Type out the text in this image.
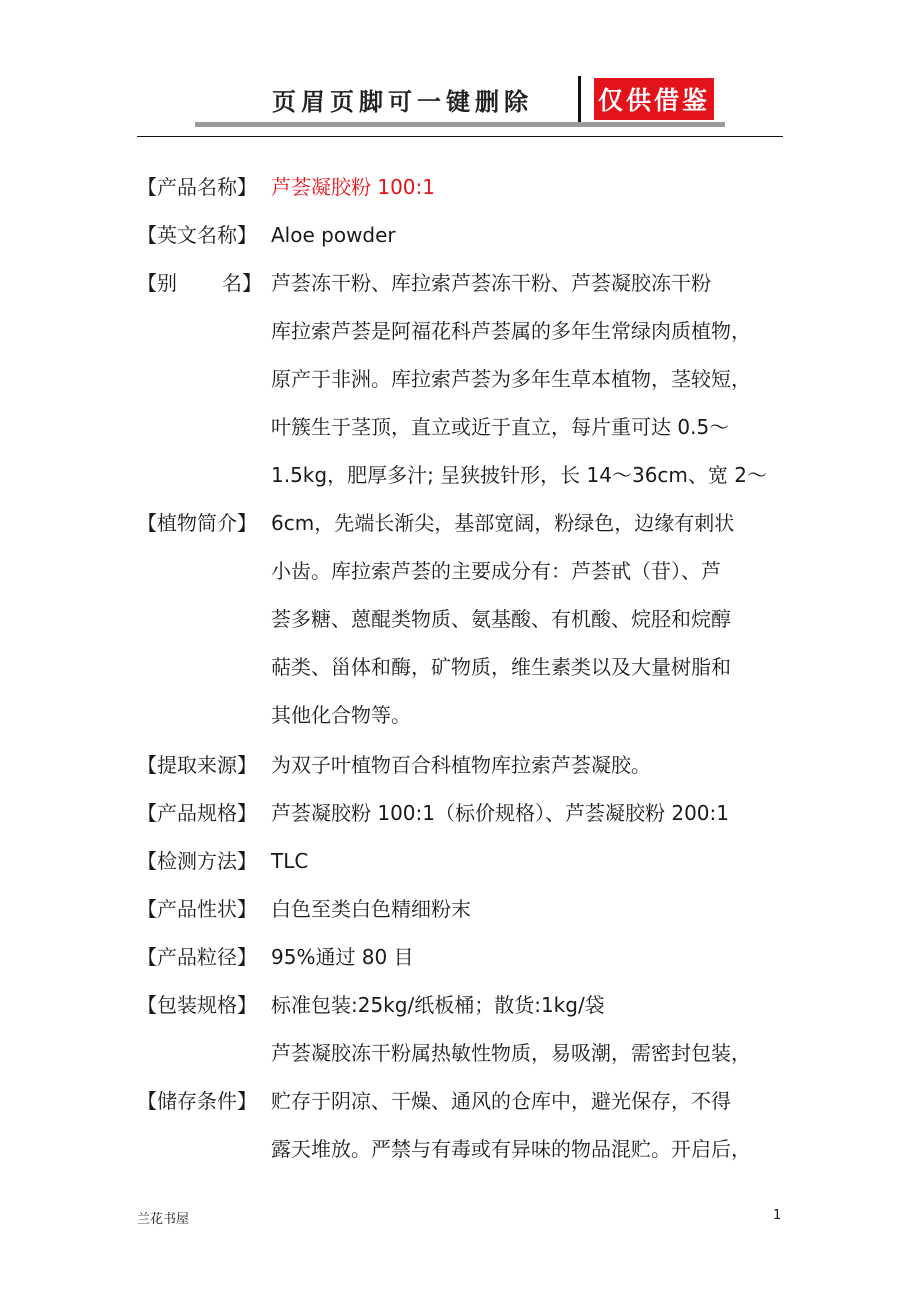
页眉页脚可一键删除	仅供借鉴
【产品名称】 芦荟凝胶粉 100:1
【英文名称】 Aloe powder
【别 名】 芦荟冻干粉、库拉索芦荟冻干粉、芦荟凝胶冻干粉
库拉索芦荟是阿福花科芦荟属的多年生常绿肉质植物，
原产于非洲。库拉索芦荟为多年生草本植物，茎较短，
叶簇生于茎顶，直立或近于直立，每片重可达 0.5～
1.5kg，肥厚多汁; 呈狭披针形，长 14～36cm、宽 2～
【植物简介】 6cm，先端长渐尖，基部宽阔，粉绿色，边缘有刺状
小齿。库拉索芦荟的主要成分有：芦荟甙（苷）、芦
荟多糖、蒽醌类物质、氨基酸、有机酸、烷胫和烷醇
萜类、甾体和酶，矿物质，维生素类以及大量树脂和
其他化合物等。
【提取来源】 为双子叶植物百合科植物库拉索芦荟凝胶。
【产品规格】 芦荟凝胶粉 100:1（标价规格）、芦荟凝胶粉 200:1
【检测方法】 TLC
【产品性状】 白色至类白色精细粉末
【产品粒径】 95%通过 80 目
【包装规格】 标准包装:25kg/纸板桶；散货:1kg/袋
芦荟凝胶冻干粉属热敏性物质，易吸潮，需密封包装，
【储存条件】 贮存于阴凉、干燥、通风的仓库中，避光保存，不得
露天堆放。严禁与有毒或有异味的物品混贮。开启后，
兰花书屋	1
